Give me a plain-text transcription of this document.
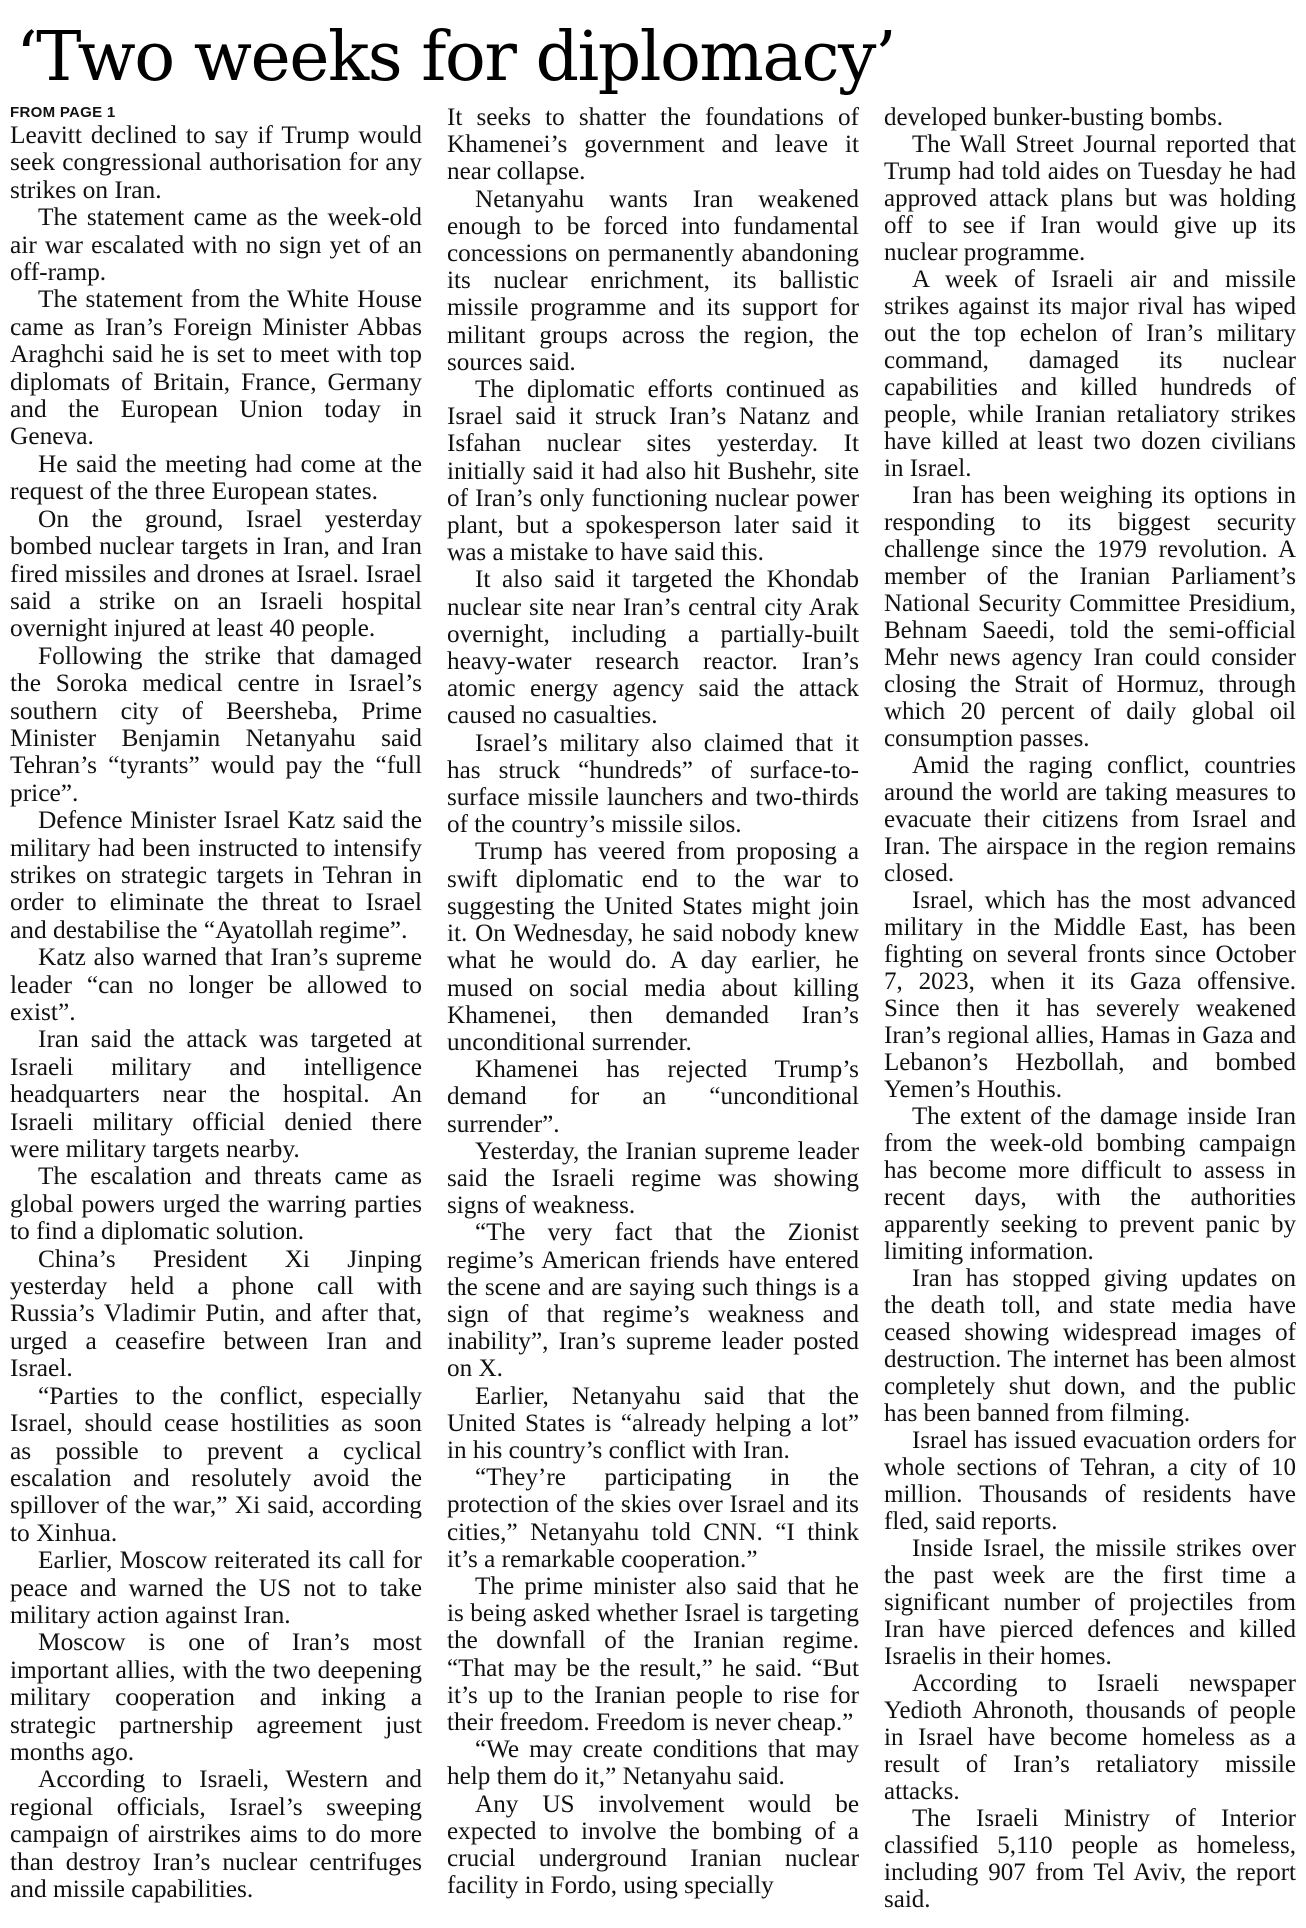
‘Two weeks for diplomacy’
FROM PAGE 1

Leavitt declined to say if Trump would seek congressional authorisation for any strikes on Iran.

The statement came as the week-old air war escalated with no sign yet of an off-ramp.

The statement from the White House came as Iran’s Foreign Minister Abbas Araghchi said he is set to meet with top diplomats of Britain, France, Germany and the European Union today in Geneva.

He said the meeting had come at the request of the three European states.

On the ground, Israel yesterday bombed nuclear targets in Iran, and Iran fired missiles and drones at Israel. Israel said a strike on an Israeli hospital overnight injured at least 40 people.

Following the strike that damaged the Soroka medical centre in Israel’s southern city of Beersheba, Prime Minister Benjamin Netanyahu said Tehran’s “tyrants” would pay the “full price”.

Defence Minister Israel Katz said the military had been instructed to intensify strikes on strategic targets in Tehran in order to eliminate the threat to Israel and destabilise the “Ayatollah regime”.

Katz also warned that Iran’s supreme leader “can no longer be allowed to exist”.

Iran said the attack was targeted at Israeli military and intelligence headquarters near the hospital. An Israeli military official denied there were military targets nearby.

The escalation and threats came as global powers urged the warring parties to find a diplomatic solution.

China’s President Xi Jinping yesterday held a phone call with Russia’s Vladimir Putin, and after that, urged a ceasefire between Iran and Israel.

“Parties to the conflict, especially Israel, should cease hostilities as soon as possible to prevent a cyclical escalation and resolutely avoid the spillover of the war,” Xi said, according to Xinhua.

Earlier, Moscow reiterated its call for peace and warned the US not to take military action against Iran.

Moscow is one of Iran’s most important allies, with the two deepening military cooperation and inking a strategic partnership agreement just months ago.

According to Israeli, Western and regional officials, Israel’s sweeping campaign of airstrikes aims to do more than destroy Iran’s nuclear centrifuges and missile capabilities.

It seeks to shatter the foundations of Khamenei’s government and leave it near collapse.

Netanyahu wants Iran weakened enough to be forced into fundamental concessions on permanently abandoning its nuclear enrichment, its ballistic missile programme and its support for militant groups across the region, the sources said.

The diplomatic efforts continued as Israel said it struck Iran’s Natanz and Isfahan nuclear sites yesterday. It initially said it had also hit Bushehr, site of Iran’s only functioning nuclear power plant, but a spokesperson later said it was a mistake to have said this.

It also said it targeted the Khondab nuclear site near Iran’s central city Arak overnight, including a partially-built heavy-water research reactor. Iran’s atomic energy agency said the attack caused no casualties.

Israel’s military also claimed that it has struck “hundreds” of surface-to-surface missile launchers and two-thirds of the country’s missile silos.

Trump has veered from proposing a swift diplomatic end to the war to suggesting the United States might join it. On Wednesday, he said nobody knew what he would do. A day earlier, he mused on social media about killing Khamenei, then demanded Iran’s unconditional surrender.

Khamenei has rejected Trump’s demand for an “unconditional surrender”.

Yesterday, the Iranian supreme leader said the Israeli regime was showing signs of weakness.

“The very fact that the Zionist regime’s American friends have entered the scene and are saying such things is a sign of that regime’s weakness and inability”, Iran’s supreme leader posted on X.

Earlier, Netanyahu said that the United States is “already helping a lot” in his country’s conflict with Iran.

“They’re participating in the protection of the skies over Israel and its cities,” Netanyahu told CNN. “I think it’s a remarkable cooperation.”

The prime minister also said that he is being asked whether Israel is targeting the downfall of the Iranian regime. “That may be the result,” he said. “But it’s up to the Iranian people to rise for their freedom. Freedom is never cheap.”

“We may create conditions that may help them do it,” Netanyahu said.

Any US involvement would be expected to involve the bombing of a crucial underground Iranian nuclear facility in Fordo, using specially

developed bunker-busting bombs.

The Wall Street Journal reported that Trump had told aides on Tuesday he had approved attack plans but was holding off to see if Iran would give up its nuclear programme.

A week of Israeli air and missile strikes against its major rival has wiped out the top echelon of Iran’s military command, damaged its nuclear capabilities and killed hundreds of people, while Iranian retaliatory strikes have killed at least two dozen civilians in Israel.

Iran has been weighing its options in responding to its biggest security challenge since the 1979 revolution. A member of the Iranian Parliament’s National Security Committee Presidium, Behnam Saeedi, told the semi-official Mehr news agency Iran could consider closing the Strait of Hormuz, through which 20 percent of daily global oil consumption passes.

Amid the raging conflict, countries around the world are taking measures to evacuate their citizens from Israel and Iran. The airspace in the region remains closed.

Israel, which has the most advanced military in the Middle East, has been fighting on several fronts since October 7, 2023, when it its Gaza offensive. Since then it has severely weakened Iran’s regional allies, Hamas in Gaza and Lebanon’s Hezbollah, and bombed Yemen’s Houthis.

The extent of the damage inside Iran from the week-old bombing campaign has become more difficult to assess in recent days, with the authorities apparently seeking to prevent panic by limiting information.

Iran has stopped giving updates on the death toll, and state media have ceased showing widespread images of destruction. The internet has been almost completely shut down, and the public has been banned from filming.

Israel has issued evacuation orders for whole sections of Tehran, a city of 10 million. Thousands of residents have fled, said reports.

Inside Israel, the missile strikes over the past week are the first time a significant number of projectiles from Iran have pierced defences and killed Israelis in their homes.

According to Israeli newspaper Yedioth Ahronoth, thousands of people in Israel have become homeless as a result of Iran’s retaliatory missile attacks.

The Israeli Ministry of Interior classified 5,110 people as homeless, including 907 from Tel Aviv, the report said.
